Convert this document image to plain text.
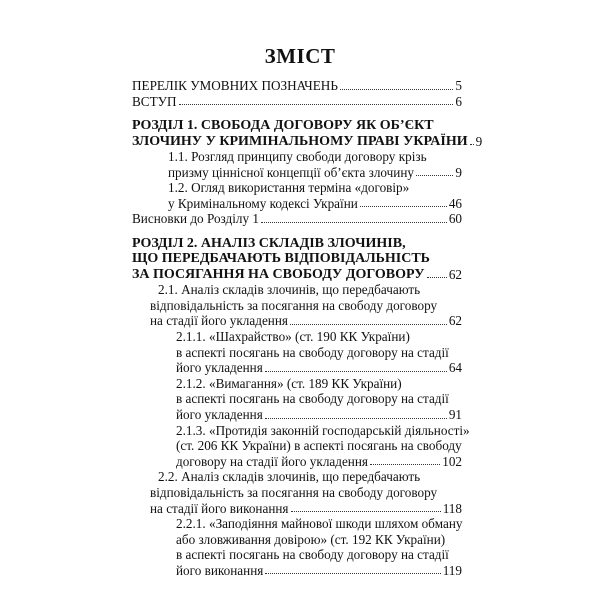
ЗМІСТ
ПЕРЕЛІК УМОВНИХ ПОЗНАЧЕНЬ	5
ВСТУП	6
РОЗДІЛ 1. СВОБОДА ДОГОВОРУ ЯК ОБ’ЄКТ
ЗЛОЧИНУ У КРИМІНАЛЬНОМУ ПРАВІ УКРАЇНИ 9
1.1. Розгляд принципу свободи договору крізь
призму ціннісної концепції об’єкта злочину	9
1.2. Огляд використання терміна «договір»
у Кримінальному кодексі України	46
Висновки до Розділу 1	60
РОЗДІЛ 2. АНАЛІЗ СКЛАДІВ ЗЛОЧИНІВ,
ЩО ПЕРЕДБАЧАЮТЬ ВІДПОВІДАЛЬНІСТЬ
ЗА ПОСЯГАННЯ НА СВОБОДУ ДОГОВОРУ 62
2.1. Аналіз складів злочинів, що передбачають
відповідальність за посягання на свободу договору
на стадії його укладення	62
2.1.1. «Шахрайство» (ст. 190 КК України)
в аспекті посягань на свободу договору на стадії
його укладення	64
2.1.2. «Вимагання» (ст. 189 КК України)
в аспекті посягань на свободу договору на стадії
його укладення	91
2.1.3. «Протидія законній господарській діяльності»
(ст. 206 КК України) в аспекті посягань на свободу
договору на стадії його укладення	102
2.2. Аналіз складів злочинів, що передбачають
відповідальність за посягання на свободу договору
на стадії його виконання	118
2.2.1. «Заподіяння майнової шкоди шляхом обману
або зловживання довірою» (ст. 192 КК України)
в аспекті посягань на свободу договору на стадії
його виконання	119
